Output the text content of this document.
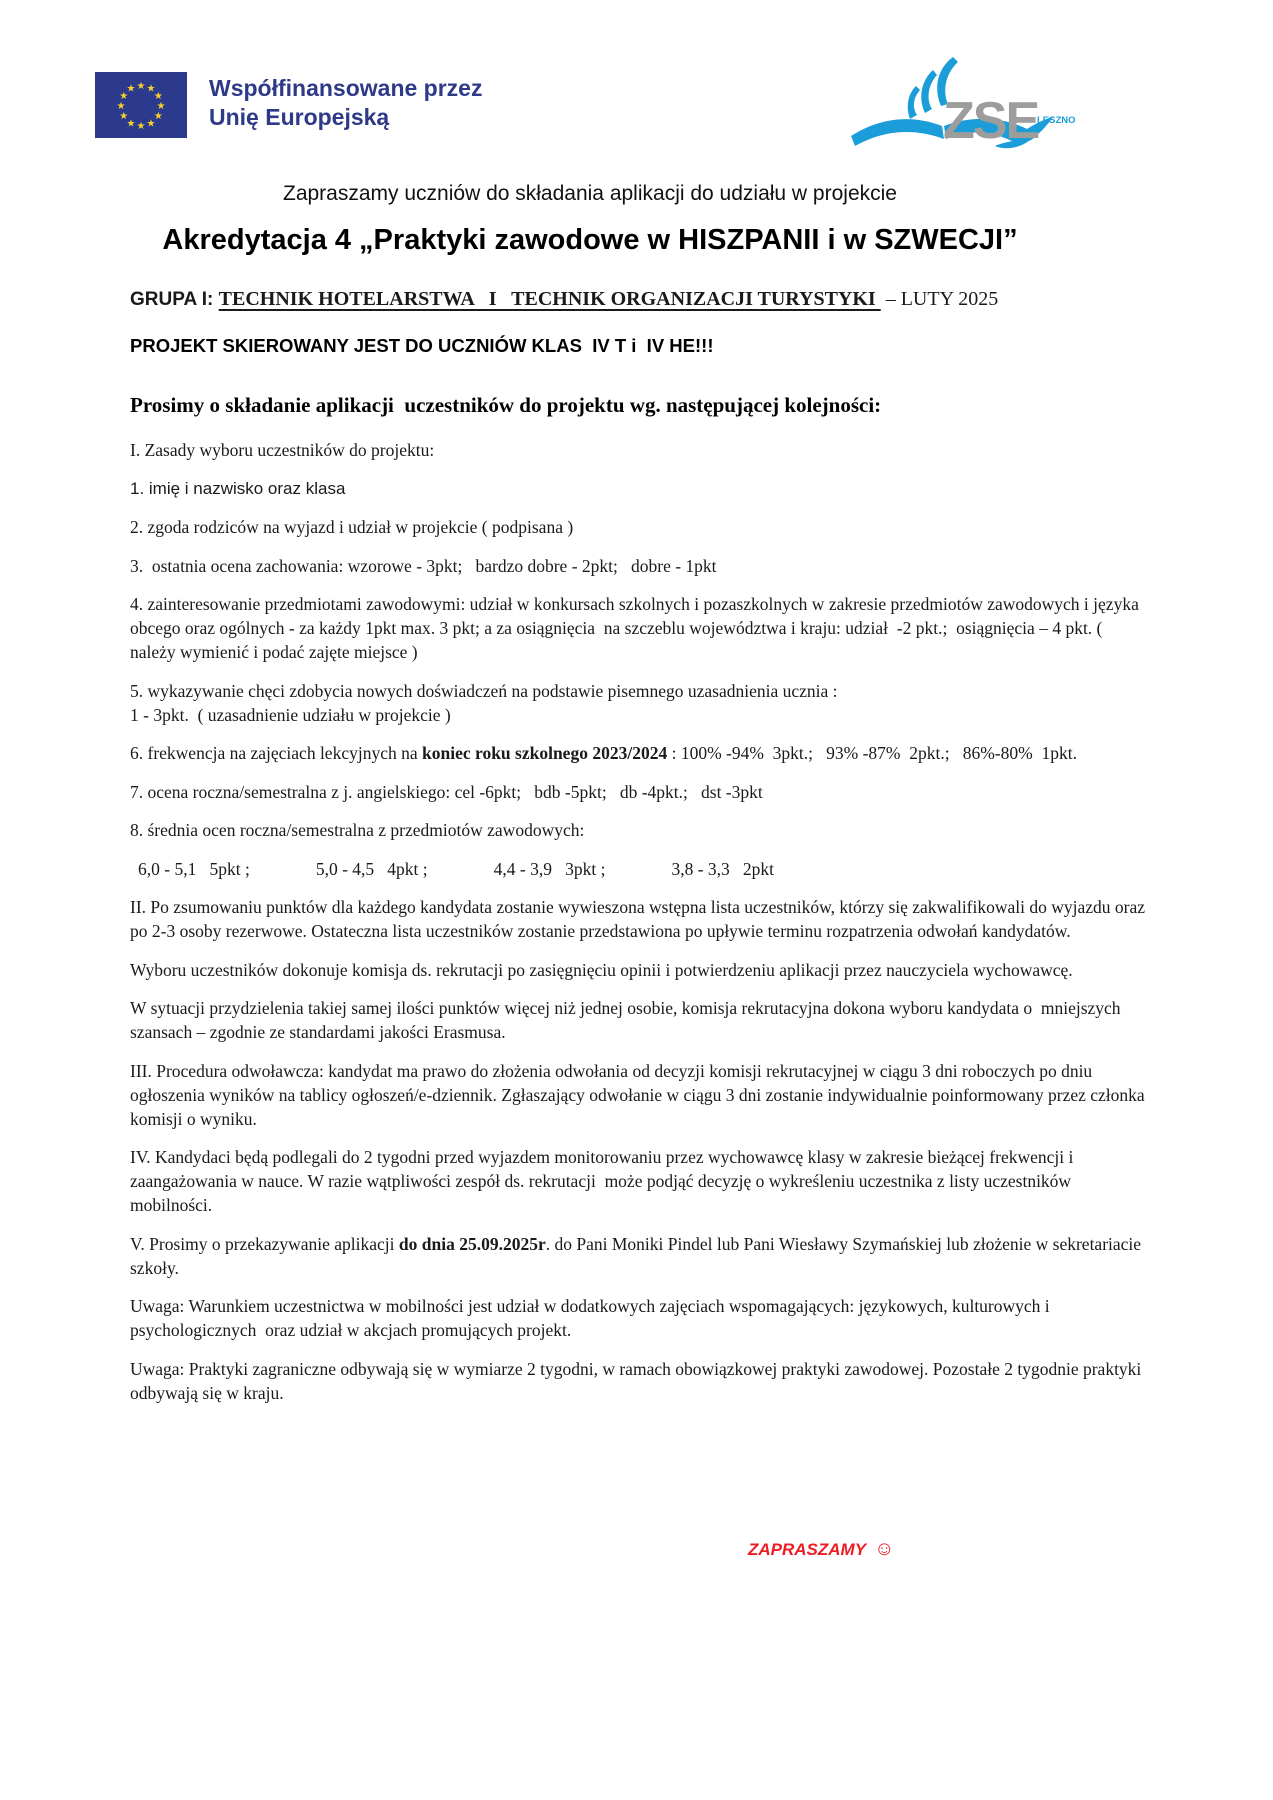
★ ★
★
★
★
★
★
★
★
★
★
★	Współfinansowane przez
Unię Europejską	ZSE
LESZNO
Zapraszamy uczniów do składania aplikacji do udziału w projekcie
Akredytacja 4 „Praktyki zawodowe w HISZPANII i w SZWECJI”

GRUPA I: TECHNIK HOTELARSTWA   I   TECHNIK ORGANIZACJI TURYSTYKI  – LUTY 2025

PROJEKT SKIEROWANY JEST DO UCZNIÓW KLAS  IV T i  IV HE!!!

Prosimy o składanie aplikacji  uczestników do projektu wg. następującej kolejności:

I. Zasady wyboru uczestników do projektu:

1. imię i nazwisko oraz klasa

2. zgoda rodziców na wyjazd i udział w projekcie ( podpisana )

3.  ostatnia ocena zachowania: wzorowe - 3pkt;   bardzo dobre - 2pkt;   dobre - 1pkt

4. zainteresowanie przedmiotami zawodowymi: udział w konkursach szkolnych i pozaszkolnych w zakresie przedmiotów zawodowych i języka obcego oraz ogólnych - za każdy 1pkt max. 3 pkt; a za osiągnięcia  na szczeblu województwa i kraju: udział  -2 pkt.;  osiągnięcia – 4 pkt. ( należy wymienić i podać zajęte miejsce )

5. wykazywanie chęci zdobycia nowych doświadczeń na podstawie pisemnego uzasadnienia ucznia :
1 - 3pkt.  ( uzasadnienie udziału w projekcie )

6. frekwencja na zajęciach lekcyjnych na koniec roku szkolnego 2023/2024 : 100% -94%  3pkt.;   93% -87%  2pkt.;   86%-80%  1pkt.

7. ocena roczna/semestralna z j. angielskiego: cel -6pkt;   bdb -5pkt;   db -4pkt.;   dst -3pkt

8. średnia ocen roczna/semestralna z przedmiotów zawodowych:

6,0 - 5,1   5pkt ;	5,0 - 4,5   4pkt ;	4,4 - 3,9   3pkt ;	3,8 - 3,3   2pkt

II. Po zsumowaniu punktów dla każdego kandydata zostanie wywieszona wstępna lista uczestników, którzy się zakwalifikowali do wyjazdu oraz po 2-3 osoby rezerwowe. Ostateczna lista uczestników zostanie przedstawiona po upływie terminu rozpatrzenia odwołań kandydatów.

Wyboru uczestników dokonuje komisja ds. rekrutacji po zasięgnięciu opinii i potwierdzeniu aplikacji przez nauczyciela wychowawcę.

W sytuacji przydzielenia takiej samej ilości punktów więcej niż jednej osobie, komisja rekrutacyjna dokona wyboru kandydata o  mniejszych szansach – zgodnie ze standardami jakości Erasmusa.

III. Procedura odwoławcza: kandydat ma prawo do złożenia odwołania od decyzji komisji rekrutacyjnej w ciągu 3 dni roboczych po dniu ogłoszenia wyników na tablicy ogłoszeń/e-dziennik. Zgłaszający odwołanie w ciągu 3 dni zostanie indywidualnie poinformowany przez członka komisji o wyniku.

IV. Kandydaci będą podlegali do 2 tygodni przed wyjazdem monitorowaniu przez wychowawcę klasy w zakresie bieżącej frekwencji i zaangażowania w nauce. W razie wątpliwości zespół ds. rekrutacji  może podjąć decyzję o wykreśleniu uczestnika z listy uczestników mobilności.

V. Prosimy o przekazywanie aplikacji do dnia 25.09.2025r. do Pani Moniki Pindel lub Pani Wiesławy Szymańskiej lub złożenie w sekretariacie szkoły.

Uwaga: Warunkiem uczestnictwa w mobilności jest udział w dodatkowych zajęciach wspomagających: językowych, kulturowych i psychologicznych  oraz udział w akcjach promujących projekt.

Uwaga: Praktyki zagraniczne odbywają się w wymiarze 2 tygodni, w ramach obowiązkowej praktyki zawodowej. Pozostałe 2 tygodnie praktyki odbywają się w kraju.

ZAPRASZAMY ☺
